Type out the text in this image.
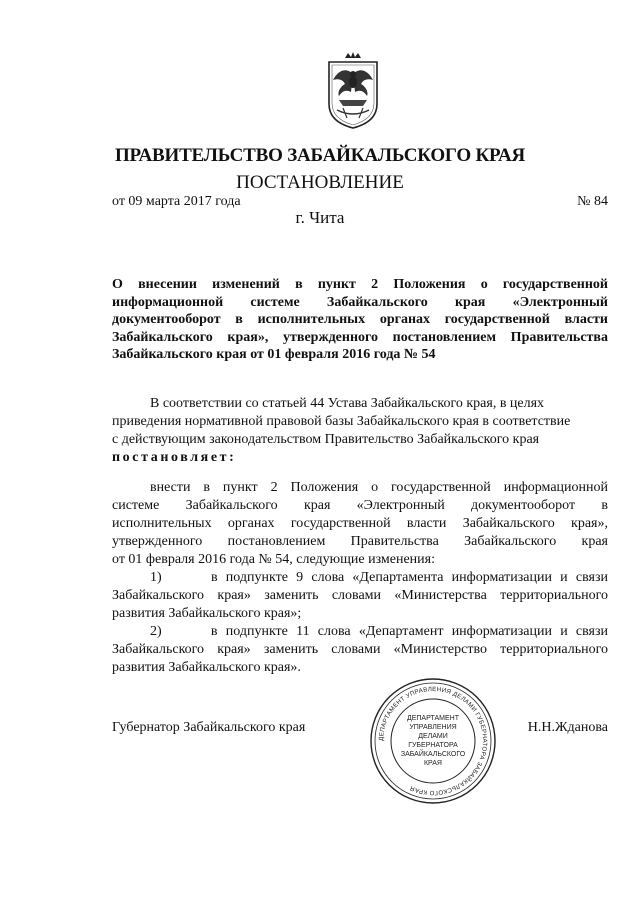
ПРАВИТЕЛЬСТВО ЗАБАЙКАЛЬСКОГО КРАЯ
ПОСТАНОВЛЕНИЕ
от 09 марта 2017 года	№ 84
г. Чита
О внесении изменений в пункт 2 Положения о государственной информационной системе Забайкальского края «Электронный документооборот в исполнительных органах государственной власти Забайкальского края», утвержденного постановлением Правительства Забайкальского края от 01 февраля 2016 года № 54
В соответствии со статьей 44 Устава Забайкальского края, в целях
приведения нормативной правовой базы Забайкальского края в соответствие
с действующим законодательством Правительство Забайкальского края
постановляет:
внести в пункт 2 Положения о государственной информационной
системе Забайкальского края «Электронный документооборот в
исполнительных органах государственной власти Забайкальского края»,
утвержденного постановлением Правительства Забайкальского края
от 01 февраля 2016 года № 54, следующие изменения:
1)      в подпункте 9 слова «Департамента информатизации и связи
Забайкальского края» заменить словами «Министерства территориального
развития Забайкальского края»;
2)      в подпункте 11 слова «Департамент информатизации и связи
Забайкальского края» заменить словами «Министерство территориального
развития Забайкальского края».
ДЕПАРТАМЕНТ УПРАВЛЕНИЯ ДЕЛАМИ ГУБЕРНАТОРА ЗАБАЙКАЛЬСКОГО КРАЯ
ДЕПАРТАМЕНТ
УПРАВЛЕНИЯ
ДЕЛАМИ
ГУБЕРНАТОРА
ЗАБАЙКАЛЬСКОГО
КРАЯ
Губернатор Забайкальского края	Н.Н.Жданова
